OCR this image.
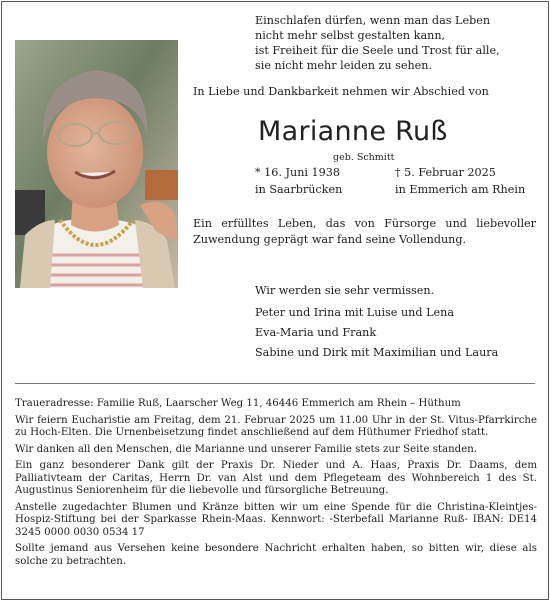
Einschlafen dürfen, wenn man das Leben
nicht mehr selbst gestalten kann,
ist Freiheit für die Seele und Trost für alle,
sie nicht mehr leiden zu sehen.
In Liebe und Dankbarkeit nehmen wir Abschied von
Marianne Ruß
geb. Schmitt
* 16. Juni 1938
in Saarbrücken
† 5. Februar 2025
in Emmerich am Rhein
Ein erfülltes Leben, das von Fürsorge und liebevoller Zuwendung geprägt war fand seine Vollendung.
Wir werden sie sehr vermissen.
Peter und Irina mit Luise und Lena
Eva-Maria und Frank
Sabine und Dirk mit Maximilian und Laura

Traueradresse: Familie Ruß, Laarscher Weg 11, 46446 Emmerich am Rhein – Hüthum

Wir feiern Eucharistie am Freitag, dem 21. Februar 2025 um 11.00 Uhr in der St. Vitus-Pfarrkirche zu Hoch-Elten. Die Urnenbeisetzung findet anschließend auf dem Hüthumer Friedhof statt.

Wir danken all den Menschen, die Marianne und unserer Familie stets zur Seite standen.

Ein ganz besonderer Dank gilt der Praxis Dr. Nieder und A. Haas, Praxis Dr. Daams, dem Palliativteam der Caritas, Herrn Dr. van Alst und dem Pflegeteam des Wohnbereich 1 des St. Augustinus Seniorenheim für die liebevolle und fürsorgliche Betreuung.

Anstelle zugedachter Blumen und Kränze bitten wir um eine Spende für die Christina-Kleintjes-Hospiz-Stiftung bei der Sparkasse Rhein-Maas. Kennwort: -Sterbefall Marianne Ruß- IBAN: DE14 3245 0000 0030 0534 17

Sollte jemand aus Versehen keine besondere Nachricht erhalten haben, so bitten wir, diese als solche zu betrachten.
